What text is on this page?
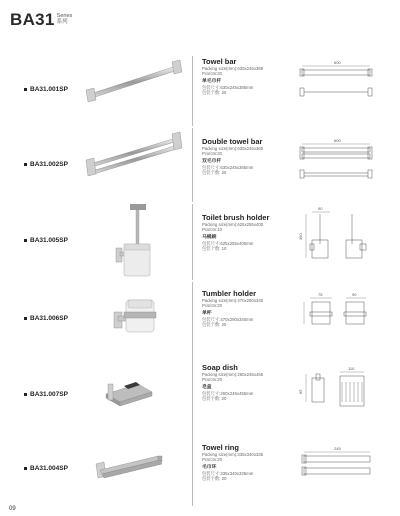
BA31 Series
系列
BA31.001SP
Towel bar
Packing size(mm):630x245x385
Pcs/ctn:20
单毛巾杆
包装尺寸:630x245x385mm
包装个数: 20
600
BA31.002SP
Double towel bar
Packing size(mm):630x245x360
Pcs/ctn:20
双毛巾杆
包装尺寸:630x245x365mm
包装个数: 20
600
BA31.005SP
Toilet brush holder
Packing size(mm):625x255x400
Pcs/ctn:10
马桶刷
包装尺寸:625x255x400mm
包装个数: 10
90
390
BA31.006SP
Tumbler holder
Packing size(mm):470x290x340
Pcs/ctn:20
单杯
包装尺寸:470x290x340mm
包装个数: 20
75	90
BA31.007SP
Soap dish
Packing size(mm):260x245x455
Pcs/ctn:20
皂盒
包装尺寸:260x245x455mm
包装个数: 20
65
110
BA31.004SP
Towel ring
Packing size(mm):335x340x335
Pcs/ctn:20
毛巾环
包装尺寸:335x340x335mm
包装个数: 20
245
09
